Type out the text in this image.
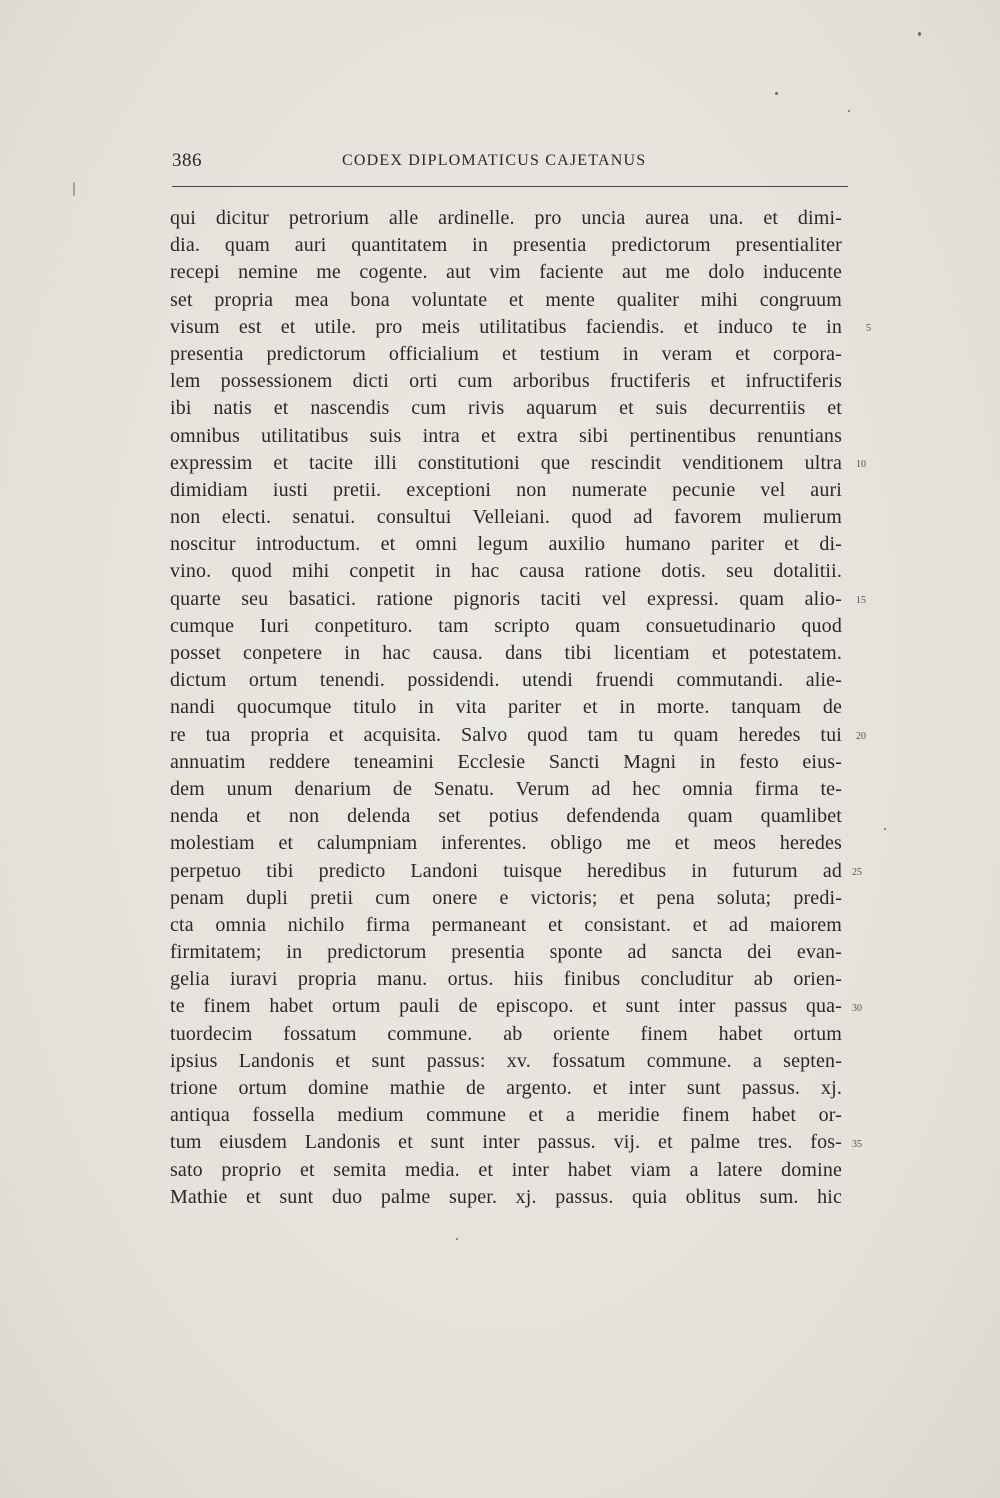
386	CODEX DIPLOMATICUS CAJETANUS
qui dicitur petrorium alle ardinelle. pro uncia aurea una. et dimi-
dia. quam auri quantitatem in presentia predictorum presentialiter
recepi nemine me cogente. aut vim faciente aut me dolo inducente
set propria mea bona voluntate et mente qualiter mihi congruum
visum est et utile. pro meis utilitatibus faciendis. et induco te in
presentia predictorum officialium et testium in veram et corpora-
lem possessionem dicti orti cum arboribus fructiferis et infructiferis
ibi natis et nascendis cum rivis aquarum et suis decurrentiis et
omnibus utilitatibus suis intra et extra sibi pertinentibus renuntians
expressim et tacite illi constitutioni que rescindit venditionem ultra
dimidiam iusti pretii. exceptioni non numerate pecunie vel auri
non electi. senatui. consultui Velleiani. quod ad favorem mulierum
noscitur introductum. et omni legum auxilio humano pariter et di-
vino. quod mihi conpetit in hac causa ratione dotis. seu dotalitii.
quarte seu basatici. ratione pignoris taciti vel expressi. quam alio-
cumque Iuri conpetituro. tam scripto quam consuetudinario quod
posset conpetere in hac causa. dans tibi licentiam et potestatem.
dictum ortum tenendi. possidendi. utendi fruendi commutandi. alie-
nandi quocumque titulo in vita pariter et in morte. tanquam de
re tua propria et acquisita. Salvo quod tam tu quam heredes tui
annuatim reddere teneamini Ecclesie Sancti Magni in festo eius-
dem unum denarium de Senatu. Verum ad hec omnia firma te-
nenda et non delenda set potius defendenda quam quamlibet
molestiam et calumpniam inferentes. obligo me et meos heredes
perpetuo tibi predicto Landoni tuisque heredibus in futurum ad
penam dupli pretii cum onere e victoris; et pena soluta; predi-
cta omnia nichilo firma permaneant et consistant. et ad maiorem
firmitatem; in predictorum presentia sponte ad sancta dei evan-
gelia iuravi propria manu. ortus. hiis finibus concluditur ab orien-
te finem habet ortum pauli de episcopo. et sunt inter passus qua-
tuordecim fossatum commune. ab oriente finem habet ortum
ipsius Landonis et sunt passus: xv. fossatum commune. a septen-
trione ortum domine mathie de argento. et inter sunt passus. xj.
antiqua fossella medium commune et a meridie finem habet or-
tum eiusdem Landonis et sunt inter passus. vij. et palme tres. fos-
sato proprio et semita media. et inter habet viam a latere domine
Mathie et sunt duo palme super. xj. passus. quia oblitus sum. hic
5
10
15
20
25
30
35
